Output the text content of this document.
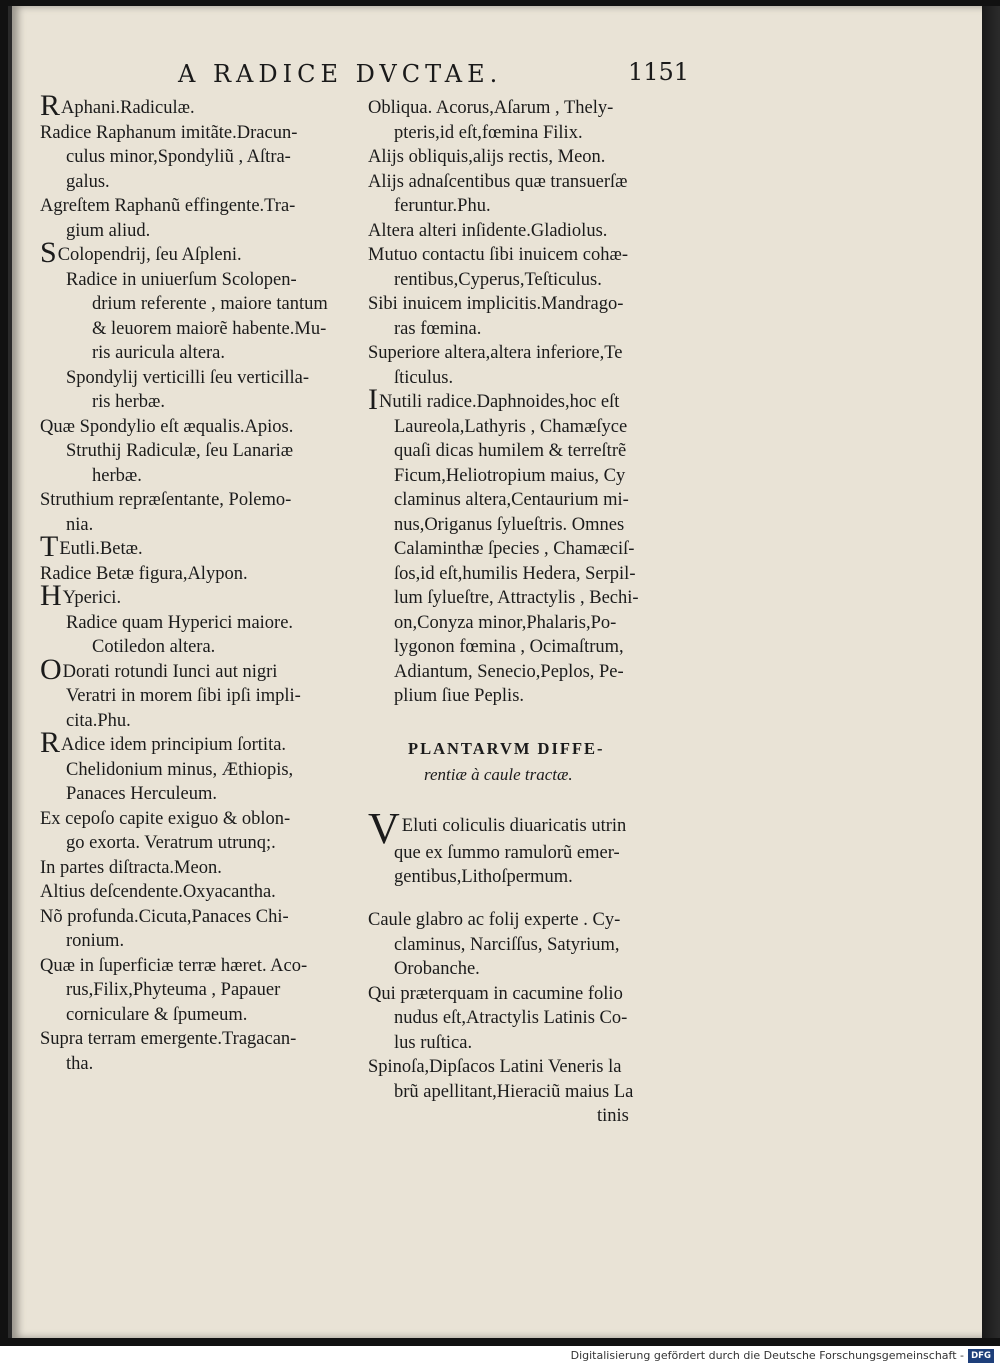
A RADICE DVCTAE.	1151

RAphani.Radiculæ.

Radice Raphanum imitãte.Dracun-
culus minor,Spondyliũ , Aſtra-
galus.

Agreſtem Raphanũ effingente.Tra-
gium aliud.

SColopendrij, ſeu Aſpleni.

Radice in uniuerſum Scolopen-
drium referente , maiore tantum
& leuorem maiorẽ habente.Mu-
ris auricula altera.

Spondylij verticilli ſeu verticilla-
ris herbæ.

Quæ Spondylio eſt æqualis.Apios.

Struthij Radiculæ, ſeu Lanariæ
herbæ.

Struthium repræſentante, Polemo-
nia.

TEutli.Betæ.

Radice Betæ figura,Alypon.

HYperici.

Radice quam Hyperici maiore.
Cotiledon altera.

ODorati rotundi Iunci aut nigri
Veratri in morem ſibi ipſi impli-
cita.Phu.

RAdice idem principium ſortita.
Chelidonium minus, Æthiopis,
Panaces Herculeum.

Ex cepoſo capite exiguo & oblon-
go exorta. Veratrum utrunq;.

In partes diſtracta.Meon.

Altius deſcendente.Oxyacantha.

Nõ profunda.Cicuta,Panaces Chi-
ronium.

Quæ in ſuperficiæ terræ hæret. Aco-
rus,Filix,Phyteuma , Papauer
corniculare & ſpumeum.

Supra terram emergente.Tragacan-
tha.

Obliqua. Acorus,Aſarum , Thely-
pteris,id eſt,fœmina Filix.

Alijs obliquis,alijs rectis, Meon.

Alijs adnaſcentibus quæ transuerſæ
feruntur.Phu.

Altera alteri inſidente.Gladiolus.

Mutuo contactu ſibi inuicem cohæ-
rentibus,Cyperus,Teſticulus.

Sibi inuicem implicitis.Mandrago-
ras fœmina.

Superiore altera,altera inferiore,Te
ſticulus.

INutili radice.Daphnoides,hoc eſt
Laureola,Lathyris , Chamæſyce
quaſi dicas humilem & terreſtrẽ
Ficum,Heliotropium maius, Cy
claminus altera,Centaurium mi-
nus,Origanus ſylueſtris. Omnes
Calaminthæ ſpecies , Chamæciſ-
ſos,id eſt,humilis Hedera, Serpil-
lum ſylueſtre, Attractylis , Bechi-
on,Conyza minor,Phalaris,Po-
lygonon fœmina , Ocimaſtrum,
Adiantum, Senecio,Peplos, Pe-
plium ſiue Peplis.

PLANTARVM DIFFE-

rentiæ à caule tractæ.

V Eluti coliculis diuaricatis utrin
que ex ſummo ramulorũ emer-
gentibus,Lithoſpermum.

Caule glabro ac folij experte . Cy-
claminus, Narciſſus, Satyrium,
Orobanche.

Qui præterquam in cacumine folio
nudus eſt,Atractylis Latinis Co-
lus ruſtica.

Spinoſa,Dipſacos Latini Veneris la
brũ apellitant,Hieraciũ maius La

tinis

Digitalisierung gefördert durch die Deutsche Forschungsgemeinschaft - DFG
